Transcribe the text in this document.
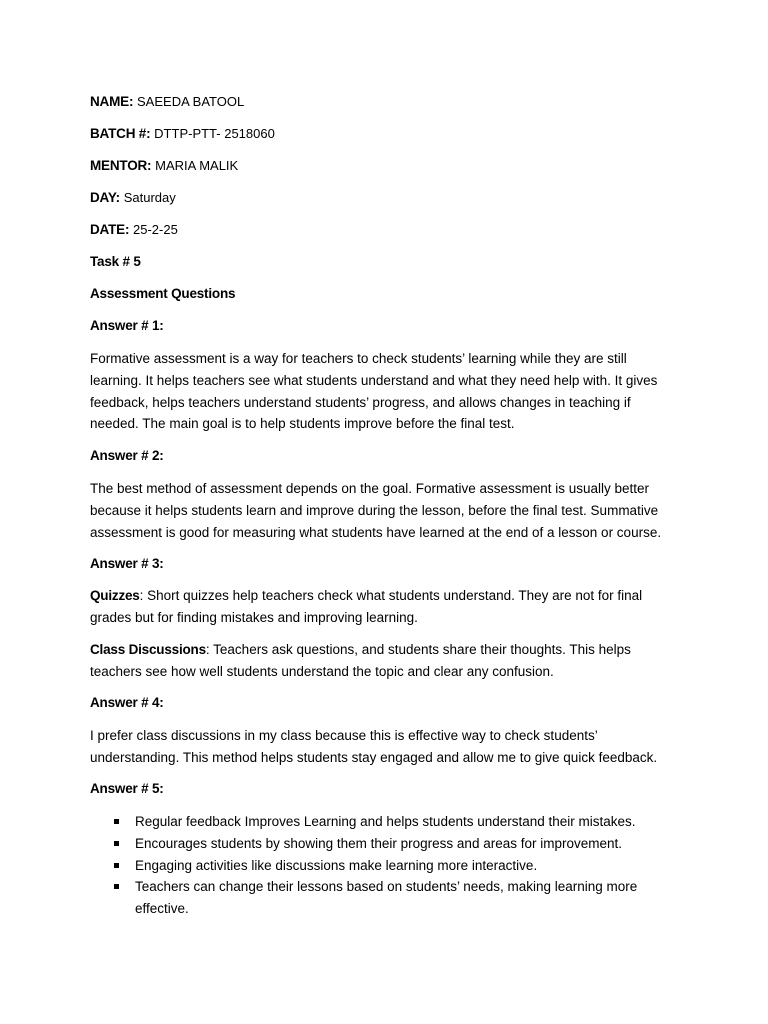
NAME: SAEEDA BATOOL
BATCH #: DTTP-PTT- 2518060
MENTOR: MARIA MALIK
DAY: Saturday
DATE: 25-2-25
Task # 5
Assessment Questions
Answer # 1:
Formative assessment is a way for teachers to check students’ learning while they are still
learning. It helps teachers see what students understand and what they need help with. It gives
feedback, helps teachers understand students’ progress, and allows changes in teaching if
needed. The main goal is to help students improve before the final test.
Answer # 2:
The best method of assessment depends on the goal. Formative assessment is usually better
because it helps students learn and improve during the lesson, before the final test. Summative
assessment is good for measuring what students have learned at the end of a lesson or course.
Answer # 3:
Quizzes: Short quizzes help teachers check what students understand. They are not for final
grades but for finding mistakes and improving learning.
Class Discussions: Teachers ask questions, and students share their thoughts. This helps
teachers see how well students understand the topic and clear any confusion.
Answer # 4:
I prefer class discussions in my class because this is effective way to check students’
understanding. This method helps students stay engaged and allow me to give quick feedback.
Answer # 5:
Regular feedback Improves Learning and helps students understand their mistakes.
Encourages students by showing them their progress and areas for improvement.
Engaging activities like discussions make learning more interactive.
Teachers can change their lessons based on students’ needs, making learning more
effective.
